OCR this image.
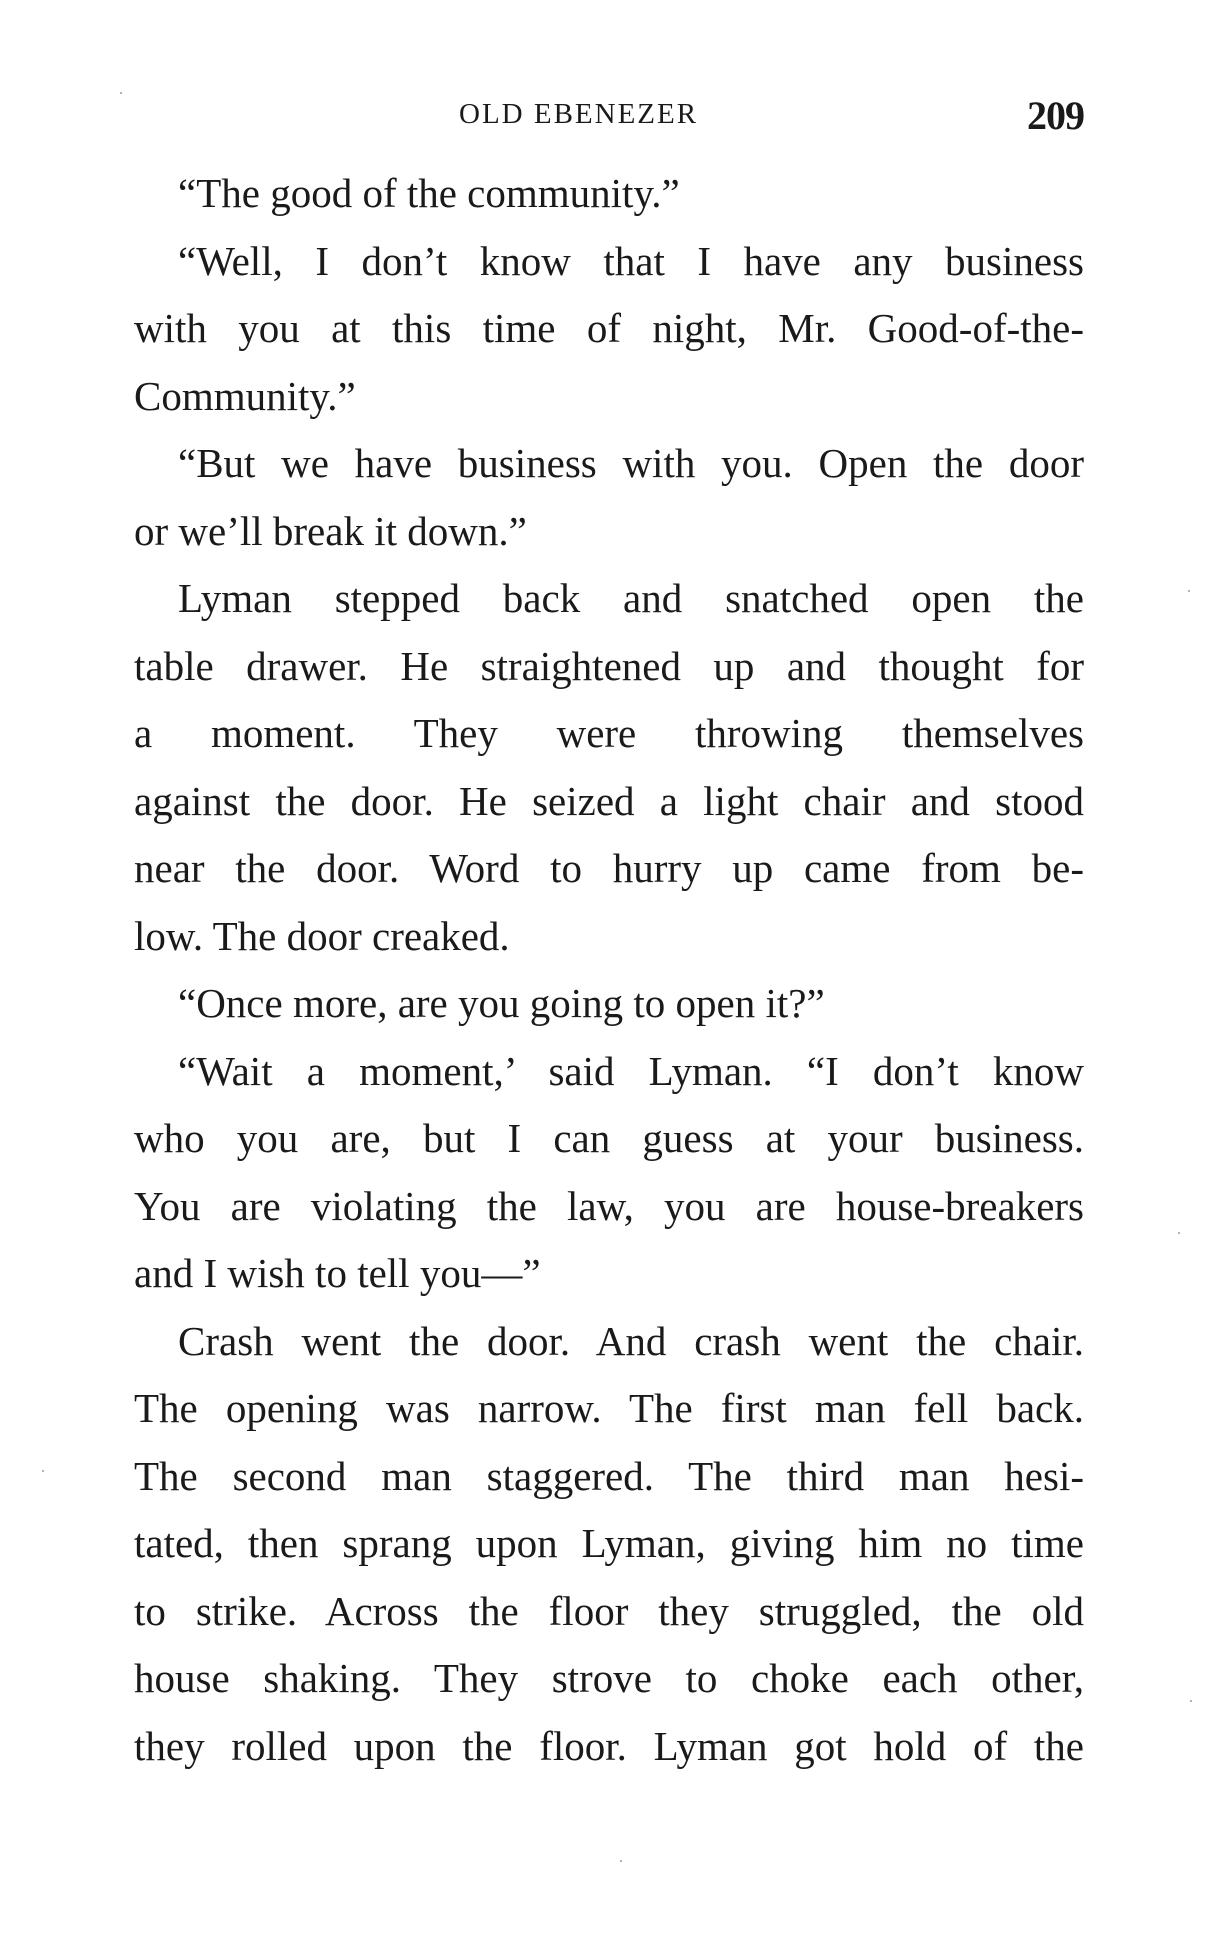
OLD EBENEZER	209
“The good of the community.”
“Well, I don’t know that I have any business
with you at this time of night, Mr. Good-of-the-
Community.”
“But we have business with you. Open the door
or we’ll break it down.”
Lyman stepped back and snatched open the
table drawer. He straightened up and thought for
a moment. They were throwing themselves
against the door. He seized a light chair and stood
near the door. Word to hurry up came from be-
low. The door creaked.
“Once more, are you going to open it?”
“Wait a moment,’ said Lyman. “I don’t know
who you are, but I can guess at your business.
You are violating the law, you are house-breakers
and I wish to tell you—”
Crash went the door. And crash went the chair.
The opening was narrow. The first man fell back.
The second man staggered. The third man hesi-
tated, then sprang upon Lyman, giving him no time
to strike. Across the floor they struggled, the old
house shaking. They strove to choke each other,
they rolled upon the floor. Lyman got hold of the
